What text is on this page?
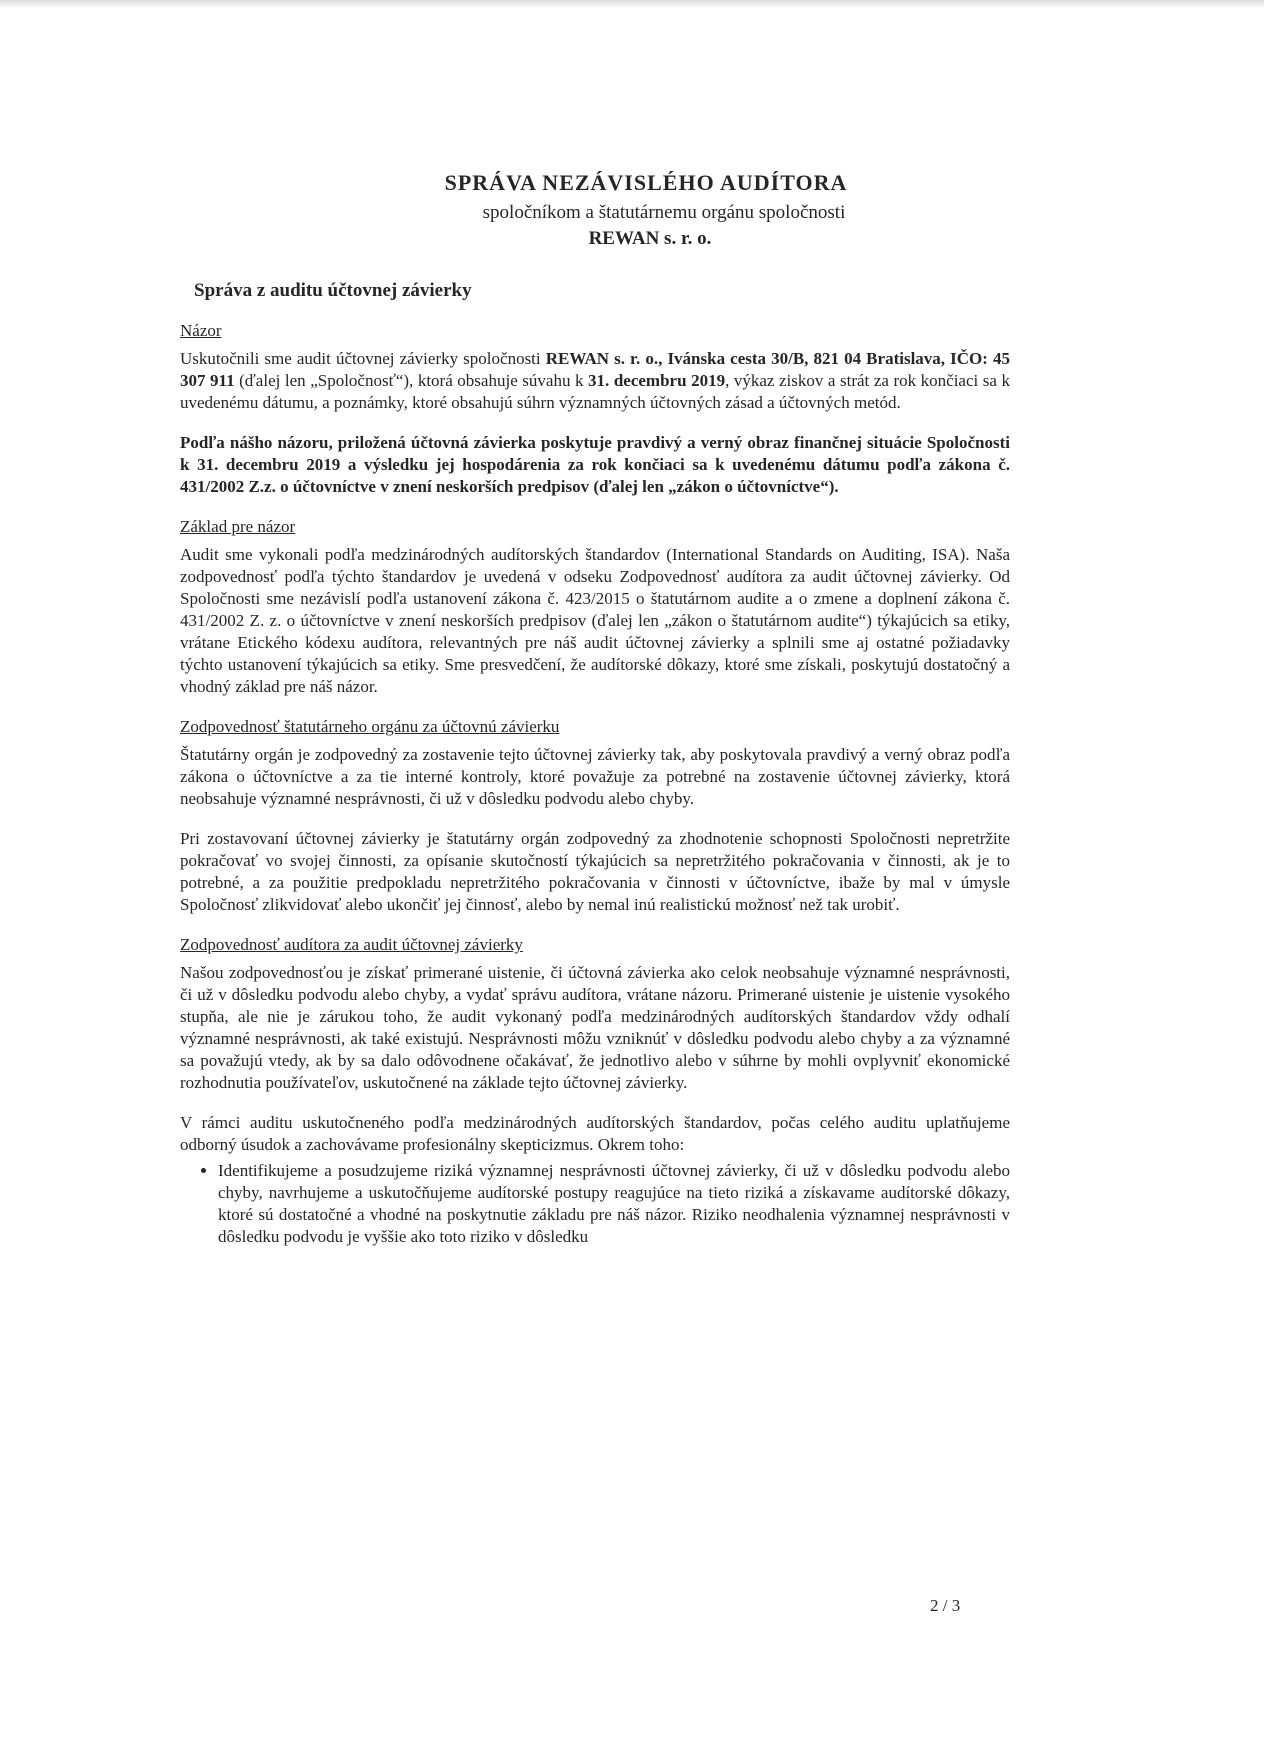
SPRÁVA NEZÁVISLÉHO AUDÍTORA
spoločníkom a štatutárnemu orgánu spoločnosti
REWAN s. r. o.
Správa z auditu účtovnej závierky
Názor

Uskutočnili sme audit účtovnej závierky spoločnosti REWAN s. r. o., Ivánska cesta 30/B, 821 04 Bratislava, IČO: 45 307 911 (ďalej len „Spoločnosť“), ktorá obsahuje súvahu k 31. decembru 2019, výkaz ziskov a strát za rok končiaci sa k uvedenému dátumu, a poznámky, ktoré obsahujú súhrn významných účtovných zásad a účtovných metód.

Podľa nášho názoru, priložená účtovná závierka poskytuje pravdivý a verný obraz finančnej situácie Spoločnosti k 31. decembru 2019 a výsledku jej hospodárenia za rok končiaci sa k uvedenému dátumu podľa zákona č. 431/2002 Z.z. o účtovníctve v znení neskorších predpisov (ďalej len „zákon o účtovníctve“).

Základ pre názor

Audit sme vykonali podľa medzinárodných audítorských štandardov (International Standards on Auditing, ISA). Naša zodpovednosť podľa týchto štandardov je uvedená v odseku Zodpovednosť audítora za audit účtovnej závierky. Od Spoločnosti sme nezávislí podľa ustanovení zákona č. 423/2015 o štatutárnom audite a o zmene a doplnení zákona č. 431/2002 Z. z. o účtovníctve v znení neskorších predpisov (ďalej len „zákon o štatutárnom audite“) týkajúcich sa etiky, vrátane Etického kódexu audítora, relevantných pre náš audit účtovnej závierky a splnili sme aj ostatné požiadavky týchto ustanovení týkajúcich sa etiky. Sme presvedčení, že audítorské dôkazy, ktoré sme získali, poskytujú dostatočný a vhodný základ pre náš názor.

Zodpovednosť štatutárneho orgánu za účtovnú závierku

Štatutárny orgán je zodpovedný za zostavenie tejto účtovnej závierky tak, aby poskytovala pravdivý a verný obraz podľa zákona o účtovníctve a za tie interné kontroly, ktoré považuje za potrebné na zostavenie účtovnej závierky, ktorá neobsahuje významné nesprávnosti, či už v dôsledku podvodu alebo chyby.

Pri zostavovaní účtovnej závierky je štatutárny orgán zodpovedný za zhodnotenie schopnosti Spoločnosti nepretržite pokračovať vo svojej činnosti, za opísanie skutočností týkajúcich sa nepretržitého pokračovania v činnosti, ak je to potrebné, a za použitie predpokladu nepretržitého pokračovania v činnosti v účtovníctve, ibaže by mal v úmysle Spoločnosť zlikvidovať alebo ukončiť jej činnosť, alebo by nemal inú realistickú možnosť než tak urobiť.

Zodpovednosť audítora za audit účtovnej závierky

Našou zodpovednosťou je získať primerané uistenie, či účtovná závierka ako celok neobsahuje významné nesprávnosti, či už v dôsledku podvodu alebo chyby, a vydať správu audítora, vrátane názoru. Primerané uistenie je uistenie vysokého stupňa, ale nie je zárukou toho, že audit vykonaný podľa medzinárodných audítorských štandardov vždy odhalí významné nesprávnosti, ak také existujú. Nesprávnosti môžu vzniknúť v dôsledku podvodu alebo chyby a za významné sa považujú vtedy, ak by sa dalo odôvodnene očakávať, že jednotlivo alebo v súhrne by mohli ovplyvniť ekonomické rozhodnutia používateľov, uskutočnené na základe tejto účtovnej závierky.

V rámci auditu uskutočneného podľa medzinárodných audítorských štandardov, počas celého auditu uplatňujeme odborný úsudok a zachovávame profesionálny skepticizmus. Okrem toho:

• Identifikujeme a posudzujeme riziká významnej nesprávnosti účtovnej závierky, či už v dôsledku podvodu alebo chyby, navrhujeme a uskutočňujeme audítorské postupy reagujúce na tieto riziká a získavame audítorské dôkazy, ktoré sú dostatočné a vhodné na poskytnutie základu pre náš názor. Riziko neodhalenia významnej nesprávnosti v dôsledku podvodu je vyššie ako toto riziko v dôsledku
2 / 3
